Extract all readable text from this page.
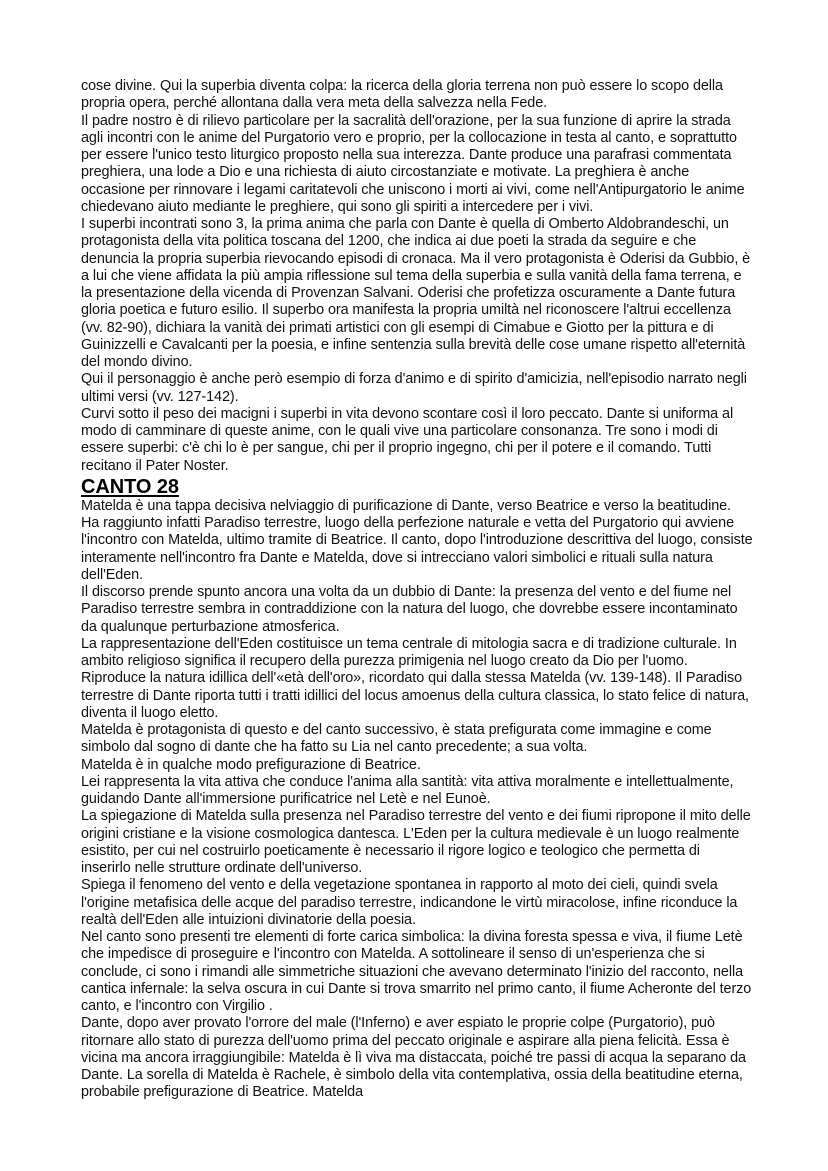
cose divine. Qui la superbia diventa colpa: la ricerca della gloria terrena non può essere lo scopo della propria opera, perché allontana dalla vera meta della salvezza nella Fede.

Il padre nostro è di rilievo particolare per la sacralità dell'orazione, per la sua funzione di aprire la strada agli incontri con le anime del Purgatorio vero e proprio, per la collocazione in testa al canto, e soprattutto per essere l'unico testo liturgico proposto nella sua interezza. Dante produce una parafrasi commentata preghiera, una lode a Dio e una richiesta di aiuto circostanziate e motivate. La preghiera è anche occasione per rinnovare i legami caritatevoli che uniscono i morti ai vivi, come nell'Antipurgatorio le anime chiedevano aiuto mediante le preghiere, qui sono gli spiriti a intercedere per i vivi.

I superbi incontrati sono 3, la prima anima che parla con Dante è quella di Omberto Aldobrandeschi, un protagonista della vita politica toscana del 1200, che indica ai due poeti la strada da seguire e che denuncia la propria superbia rievocando episodi di cronaca. Ma il vero protagonista è Oderisi da Gubbio, è a lui che viene affidata la più ampia riflessione sul tema della superbia e sulla vanità della fama terrena, e la presentazione della vicenda di Provenzan Salvani. Oderisi che profetizza oscuramente a Dante futura gloria poetica e futuro esilio. Il superbo ora manifesta la propria umiltà nel riconoscere l'altrui eccellenza (vv. 82-90), dichiara la vanità dei primati artistici con gli esempi di Cimabue e Giotto per la pittura e di Guinizzelli e Cavalcanti per la poesia, e infine sentenzia sulla brevità delle cose umane rispetto all'eternità del mondo divino.

Qui il personaggio è anche però esempio di forza d'animo e di spirito d'amicizia, nell'episodio narrato negli ultimi versi (vv. 127-142).

Curvi sotto il peso dei macigni i superbi in vita devono scontare così il loro peccato. Dante si uniforma al modo di camminare di queste anime, con le quali vive una particolare consonanza. Tre sono i modi di essere superbi: c'è chi lo è per sangue, chi per il proprio ingegno, chi per il potere e il comando. Tutti recitano il Pater Noster.

CANTO 28

Matelda è una tappa decisiva nelviaggio di purificazione di Dante, verso Beatrice e verso la beatitudine. Ha raggiunto infatti Paradiso terrestre, luogo della perfezione naturale e vetta del Purgatorio qui avviene l'incontro con Matelda, ultimo tramite di Beatrice. Il canto, dopo l'introduzione descrittiva del luogo, consiste interamente nell'incontro fra Dante e Matelda, dove si intrecciano valori simbolici e rituali sulla natura dell'Eden.

Il discorso prende spunto ancora una volta da un dubbio di Dante: la presenza del vento e del fiume nel Paradiso terrestre sembra in contraddizione con la natura del luogo, che dovrebbe essere incontaminato da qualunque perturbazione atmosferica.

La rappresentazione dell'Eden costituisce un tema centrale di mitologia sacra e di tradizione culturale. In ambito religioso significa il recupero della purezza primigenia nel luogo creato da Dio per l'uomo. Riproduce la natura idillica dell'«età dell'oro», ricordato qui dalla stessa Matelda (vv. 139-148). Il Paradiso terrestre di Dante riporta tutti i tratti idillici del locus amoenus della cultura classica, lo stato felice di natura, diventa il luogo eletto.

Matelda è protagonista di questo e del canto successivo, è stata prefigurata come immagine e come simbolo dal sogno di dante che ha fatto su Lia nel canto precedente; a sua volta.

Matelda è in qualche modo prefigurazione di Beatrice.

Lei rappresenta la vita attiva che conduce l'anima alla santità: vita attiva moralmente e intellettualmente, guidando Dante all'immersione purificatrice nel Letè e nel Eunoè.

La spiegazione di Matelda sulla presenza nel Paradiso terrestre del vento e dei fiumi ripropone il mito delle origini cristiane e la visione cosmologica dantesca. L'Eden per la cultura medievale è un luogo realmente esistito, per cui nel costruirlo poeticamente è necessario il rigore logico e teologico che permetta di inserirlo nelle strutture ordinate dell'universo.

Spiega il fenomeno del vento e della vegetazione spontanea in rapporto al moto dei cieli, quindi svela l'origine metafisica delle acque del paradiso terrestre, indicandone le virtù miracolose, infine riconduce la realtà dell'Eden alle intuizioni divinatorie della poesia.

Nel canto sono presenti tre elementi di forte carica simbolica: la divina foresta spessa e viva, il fiume Letè che impedisce di proseguire e l'incontro con Matelda. A sottolineare il senso di un'esperienza che si conclude, ci sono i rimandi alle simmetriche situazioni che avevano determinato l'inizio del racconto, nella cantica infernale: la selva oscura in cui Dante si trova smarrito nel primo canto, il fiume Acheronte del terzo canto, e l'incontro con Virgilio .

Dante, dopo aver provato l'orrore del male (l'Inferno) e aver espiato le proprie colpe (Purgatorio), può ritornare allo stato di purezza dell'uomo prima del peccato originale e aspirare alla piena felicità. Essa è vicina ma ancora irraggiungibile: Matelda è lì viva ma distaccata, poiché tre passi di acqua la separano da Dante. La sorella di Matelda è Rachele, è simbolo della vita contemplativa, ossia della beatitudine eterna, probabile prefigurazione di Beatrice. Matelda
